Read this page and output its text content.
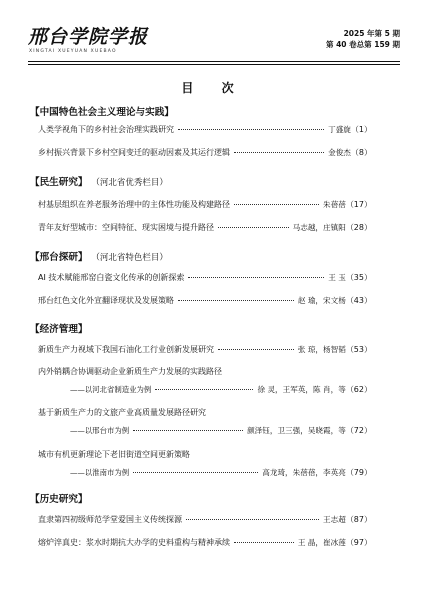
邢台学院学报
XINGTAI XUEYUAN XUEBAO
2025 年第 5 期
第 40 卷总第 159 期
目 次
【中国特色社会主义理论与实践】
人类学视角下的乡村社会治理实践研究	丁盛旋 （1）
乡村振兴背景下乡村空间变迁的驱动因素及其运行逻辑	金俊杰 （8）
【民生研究】 （河北省优秀栏目）
村基层组织在养老服务治理中的主体性功能及构建路径	朱蓓蓓 （17）
青年友好型城市：空间特征、现实困境与提升路径	马志越，庄镇阳 （28）
【邢台探研】 （河北省特色栏目）
AI 技术赋能邢窑白瓷文化传承的创新探索	王 玉 （35）
邢台红色文化外宣翻译现状及发展策略	赵 瑜，宋文杨 （43）
【经济管理】
新质生产力视域下我国石油化工行业创新发展研究	张 琼，杨智韬 （53）
内外销耦合协调驱动企业新质生产力发展的实践路径
——以河北省制造业为例	徐 灵，王军英，陈 肖，等 （62）
基于新质生产力的文旅产业高质量发展路径研究
——以邢台市为例	颜泽钰，卫三强，吴晓霞，等 （72）
城市有机更新理论下老旧街道空间更新策略
——以淮南市为例	高龙琦，朱蓓蓓，李英亮 （79）
【历史研究】
直隶第四初级师范学堂爱国主义传统探源	王志超 （87）
熔炉淬真史：浆水时期抗大办学的史料重构与精神承续	王 晶，崔冰莲 （97）
